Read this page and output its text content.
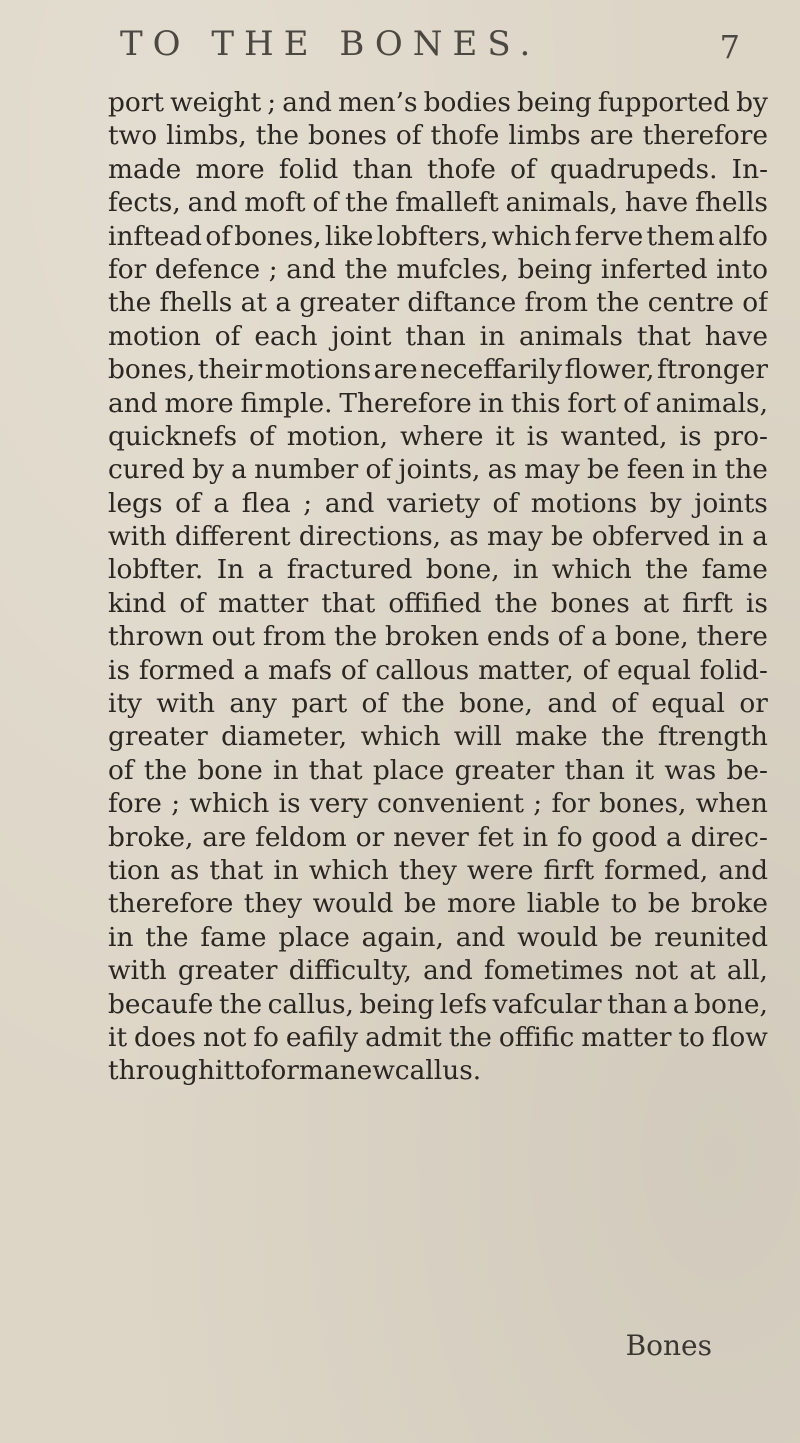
TO THE BONES.	7
port weight ; and men’s bodies being fupported by
two limbs, the bones of thofe limbs are therefore
made more folid than thofe of quadrupeds. In-
fects, and moft of the fmalleft animals, have fhells
inftead of bones, like lobfters, which ferve them alfo
for defence ; and the mufcles, being inferted into
the fhells at a greater diftance from the centre of
motion of each joint than in animals that have
bones, their motions are neceffarily flower, ftronger
and more fimple. Therefore in this fort of animals,
quicknefs of motion, where it is wanted, is pro-
cured by a number of joints, as may be feen in the
legs of a flea ; and variety of motions by joints
with different directions, as may be obferved in a
lobfter. In a fractured bone, in which the fame
kind of matter that offified the bones at firft is
thrown out from the broken ends of a bone, there
is formed a mafs of callous matter, of equal folid-
ity with any part of the bone, and of equal or
greater diameter, which will make the ftrength
of the bone in that place greater than it was be-
fore ; which is very convenient ; for bones, when
broke, are feldom or never fet in fo good a direc-
tion as that in which they were firft formed, and
therefore they would be more liable to be broke
in the fame place again, and would be reunited
with greater difficulty, and fometimes not at all,
becaufe the callus, being lefs vafcular than a bone,
it does not fo eafily admit the offific matter to flow
through it to form a new callus.
Bones
